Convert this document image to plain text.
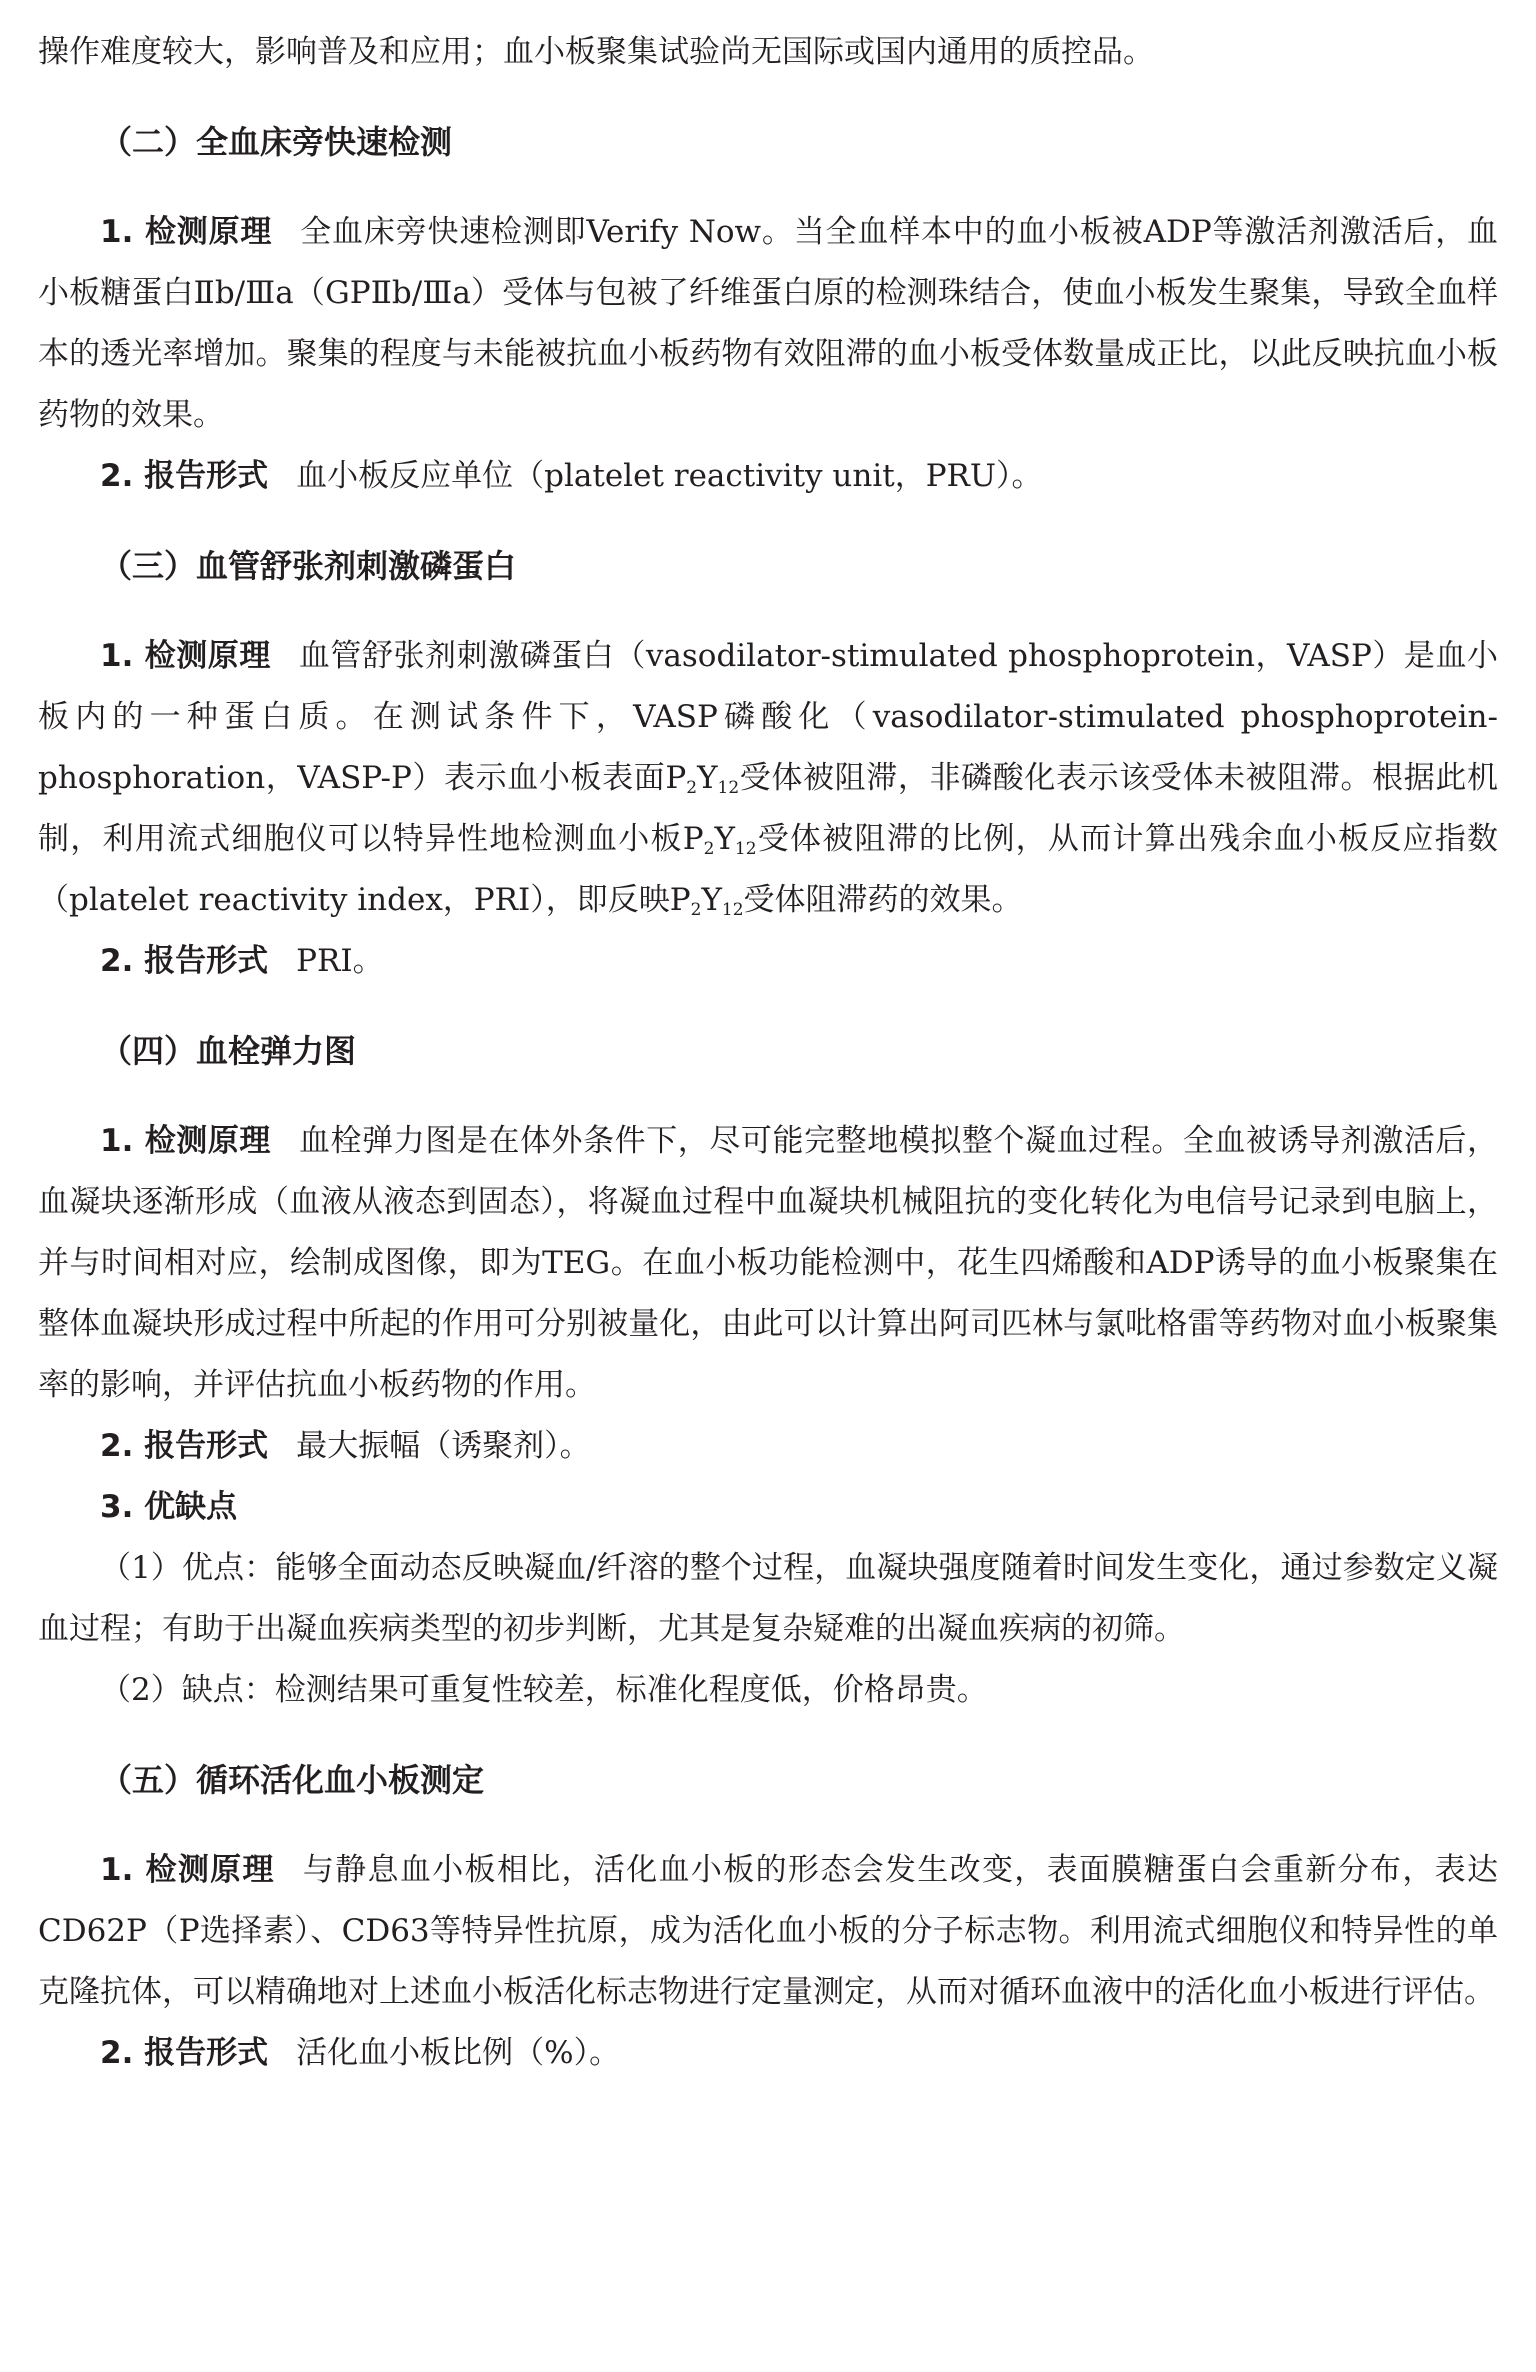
操作难度较大，影响普及和应用；血小板聚集试验尚无国际或国内通用的质控品。

（二）全血床旁快速检测

1. 检测原理 全血床旁快速检测即Verify Now。当全血样本中的血小板被ADP等激活剂激活后，血小板糖蛋白Ⅱb/Ⅲa（GPⅡb/Ⅲa）受体与包被了纤维蛋白原的检测珠结合，使血小板发生聚集，导致全血样本的透光率增加。聚集的程度与未能被抗血小板药物有效阻滞的血小板受体数量成正比，以此反映抗血小板药物的效果。

2. 报告形式 血小板反应单位（platelet reactivity unit，PRU）。

（三）血管舒张剂刺激磷蛋白

1. 检测原理 血管舒张剂刺激磷蛋白（vasodilator-stimulated phosphoprotein，VASP）是血小板内的一种蛋白质。在测试条件下，VASP磷酸化（vasodilator-stimulated phosphoprotein-phosphoration，VASP-P）表示血小板表面$P_2Y_{12}$受体被阻滞，非磷酸化表示该受体未被阻滞。根据此机制，利用流式细胞仪可以特异性地检测血小板$P_2Y_{12}$受体被阻滞的比例，从而计算出残余血小板反应指数（platelet reactivity index，PRI），即反映$P_2Y_{12}$受体阻滞药的效果。

2. 报告形式 PRI。

（四）血栓弹力图

1. 检测原理 血栓弹力图是在体外条件下，尽可能完整地模拟整个凝血过程。全血被诱导剂激活后，血凝块逐渐形成（血液从液态到固态），将凝血过程中血凝块机械阻抗的变化转化为电信号记录到电脑上，并与时间相对应，绘制成图像，即为TEG。在血小板功能检测中，花生四烯酸和ADP诱导的血小板聚集在整体血凝块形成过程中所起的作用可分别被量化，由此可以计算出阿司匹林与氯吡格雷等药物对血小板聚集率的影响，并评估抗血小板药物的作用。

2. 报告形式 最大振幅（诱聚剂）。

3. 优缺点

（1）优点：能够全面动态反映凝血/纤溶的整个过程，血凝块强度随着时间发生变化，通过参数定义凝血过程；有助于出凝血疾病类型的初步判断，尤其是复杂疑难的出凝血疾病的初筛。

（2）缺点：检测结果可重复性较差，标准化程度低，价格昂贵。

（五）循环活化血小板测定

1. 检测原理 与静息血小板相比，活化血小板的形态会发生改变，表面膜糖蛋白会重新分布，表达CD62P（P选择素）、CD63等特异性抗原，成为活化血小板的分子标志物。利用流式细胞仪和特异性的单克隆抗体，可以精确地对上述血小板活化标志物进行定量测定，从而对循环血液中的活化血小板进行评估。

2. 报告形式 活化血小板比例（%）。
